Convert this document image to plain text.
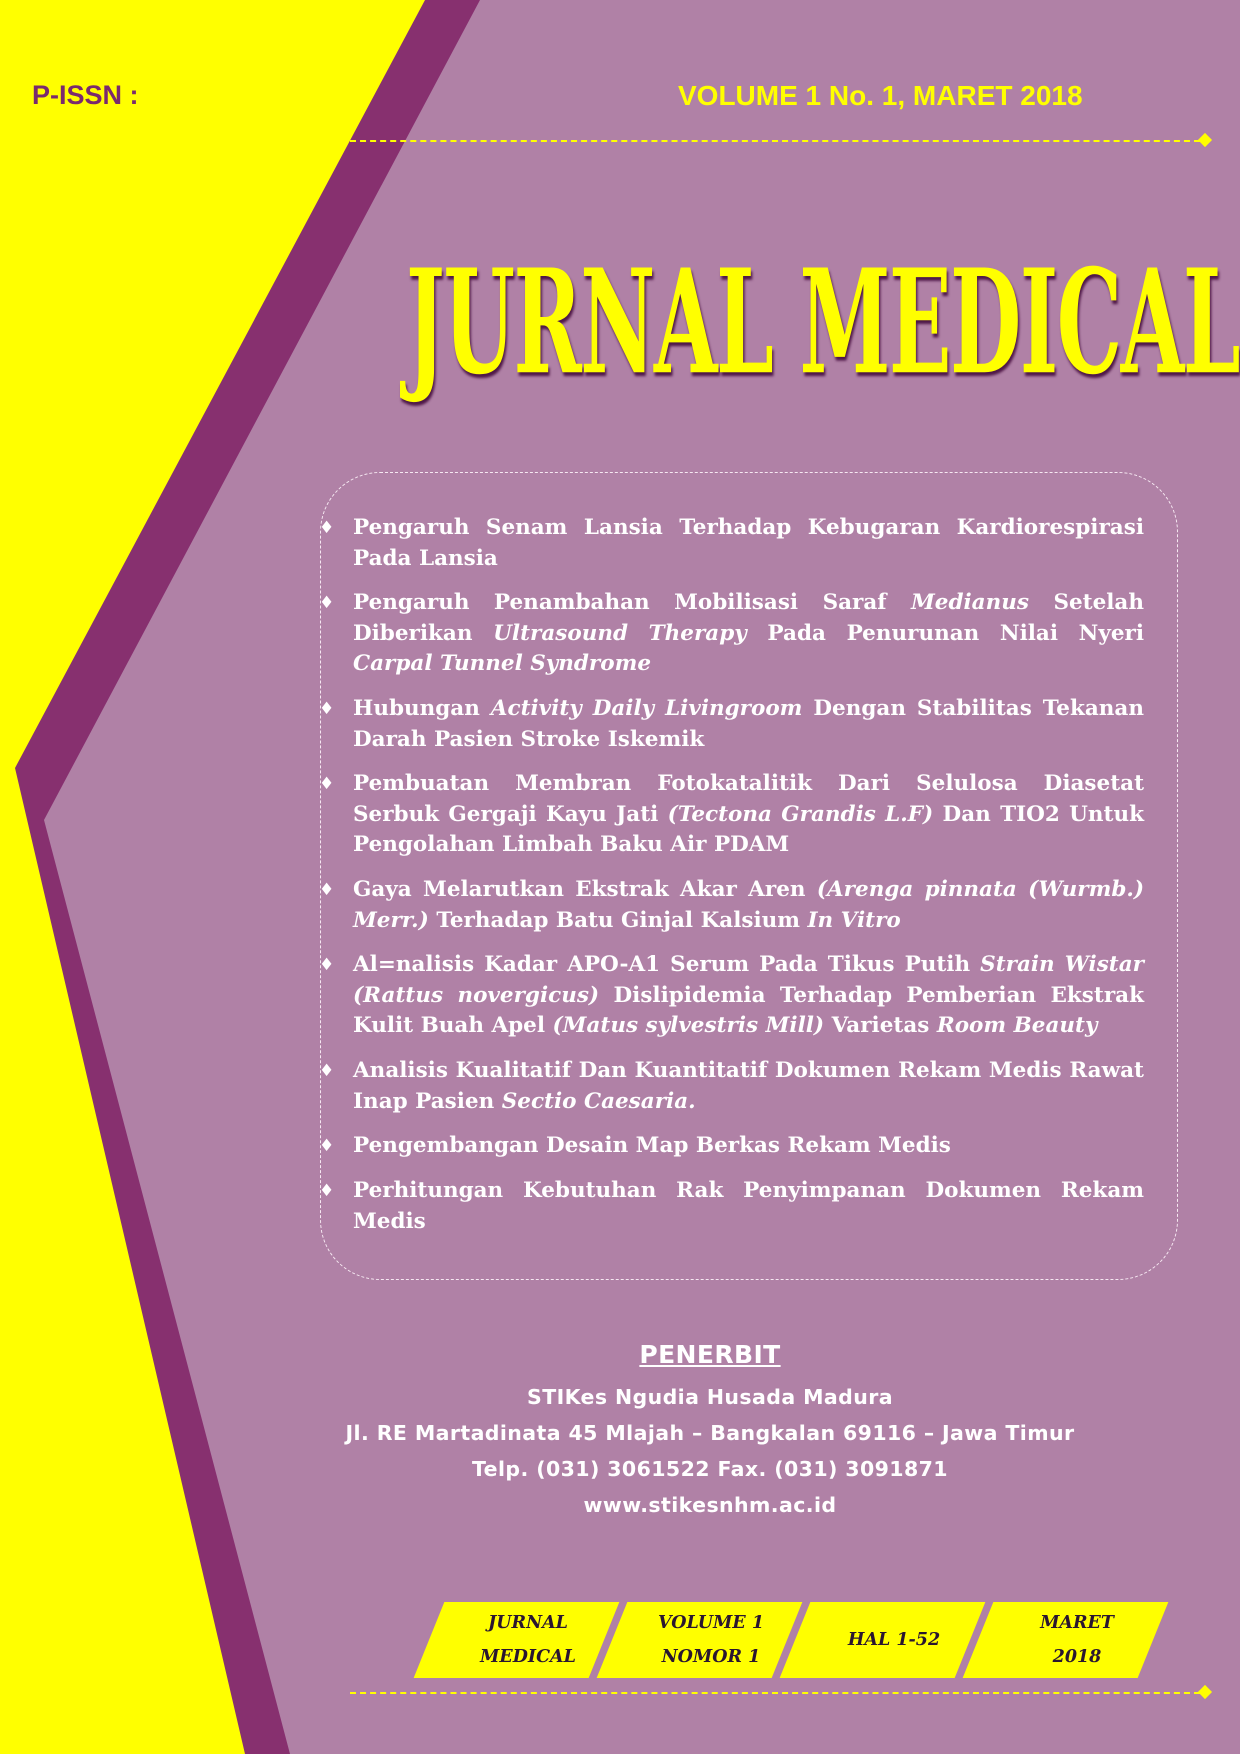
P-ISSN :	VOLUME 1 No. 1, MARET 2018
JURNAL MEDICAL
♦ Pengaruh Senam Lansia Terhadap Kebugaran Kardiorespirasi Pada Lansia
♦ Pengaruh Penambahan Mobilisasi Saraf Medianus Setelah Diberikan Ultrasound Therapy Pada Penurunan Nilai Nyeri Carpal Tunnel Syndrome
♦ Hubungan Activity Daily Livingroom Dengan Stabilitas Tekanan Darah Pasien Stroke Iskemik
♦ Pembuatan Membran Fotokatalitik Dari Selulosa Diasetat Serbuk Gergaji Kayu Jati (Tectona Grandis L.F) Dan TIO2 Untuk Pengolahan Limbah Baku Air PDAM
♦ Gaya Melarutkan Ekstrak Akar Aren (Arenga pinnata (Wurmb.) Merr.) Terhadap Batu Ginjal Kalsium In Vitro
♦ Al=nalisis Kadar APO-A1 Serum Pada Tikus Putih Strain Wistar (Rattus novergicus) Dislipidemia Terhadap Pemberian Ekstrak Kulit Buah Apel (Matus sylvestris Mill) Varietas Room Beauty
♦ Analisis Kualitatif Dan Kuantitatif Dokumen Rekam Medis Rawat Inap Pasien Sectio Caesaria.
♦ Pengembangan Desain Map Berkas Rekam Medis
♦ Perhitungan Kebutuhan Rak Penyimpanan Dokumen Rekam Medis
PENERBIT
STIKes Ngudia Husada Madura
Jl. RE Martadinata 45 Mlajah – Bangkalan 69116 – Jawa Timur
Telp. (031) 3061522 Fax. (031) 3091871
www.stikesnhm.ac.id
JURNAL
MEDICAL
VOLUME 1
NOMOR 1
HAL 1-52
MARET
2018
